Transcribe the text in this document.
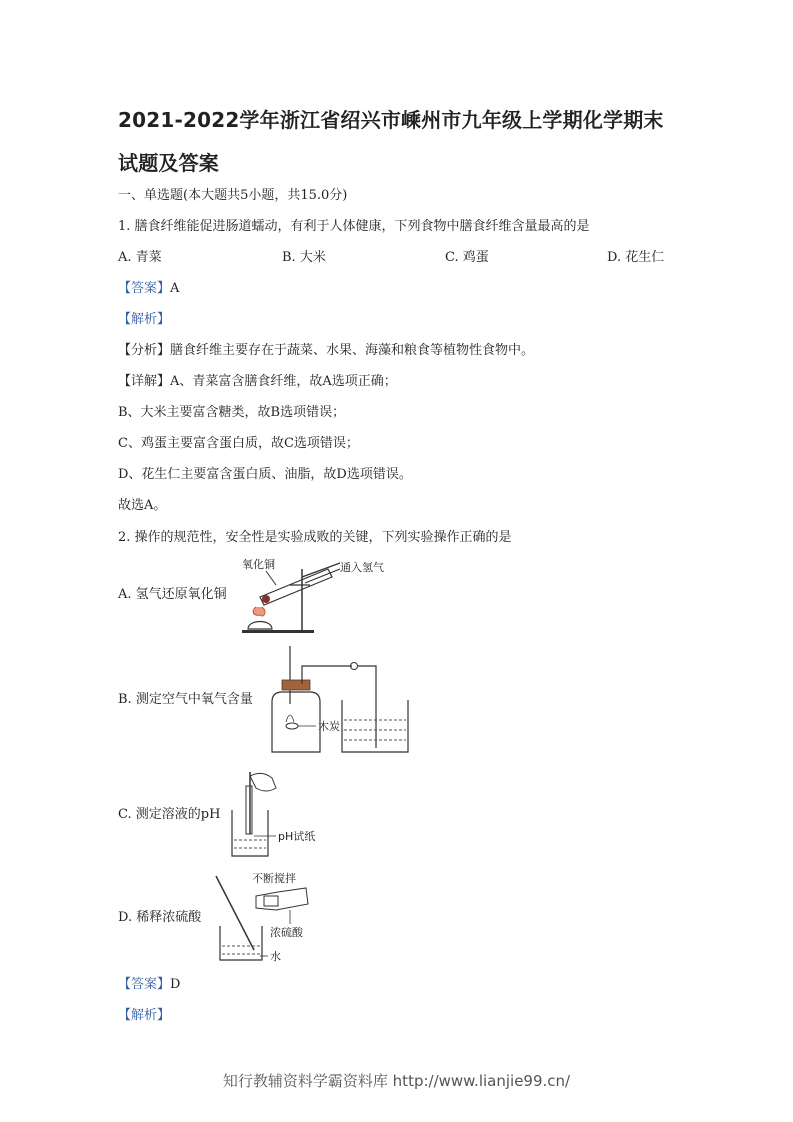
2021-2022学年浙江省绍兴市嵊州市九年级上学期化学期末
试题及答案
一、单选题(本大题共5小题，共15.0分)
1. 膳食纤维能促进肠道蠕动，有利于人体健康，下列食物中膳食纤维含量最高的是
A. 青菜	B. 大米	C. 鸡蛋	D. 花生仁
【答案】A
【解析】
【分析】膳食纤维主要存在于蔬菜、水果、海藻和粮食等植物性食物中。
【详解】A、青菜富含膳食纤维，故A选项正确；
B、大米主要富含糖类，故B选项错误；
C、鸡蛋主要富含蛋白质，故C选项错误；
D、花生仁主要富含蛋白质、油脂，故D选项错误。
故选A。
2. 操作的规范性，安全性是实验成败的关键，下列实验操作正确的是
A. 氢气还原氧化铜
氧化铜	通入氢气
B. 测定空气中氧气含量
木炭
C. 测定溶液的pH
pH试纸
D. 稀释浓硫酸
不断搅拌
浓硫酸
水
【答案】D
【解析】
知行教辅资料学霸资料库 http://www.lianjie99.cn/
